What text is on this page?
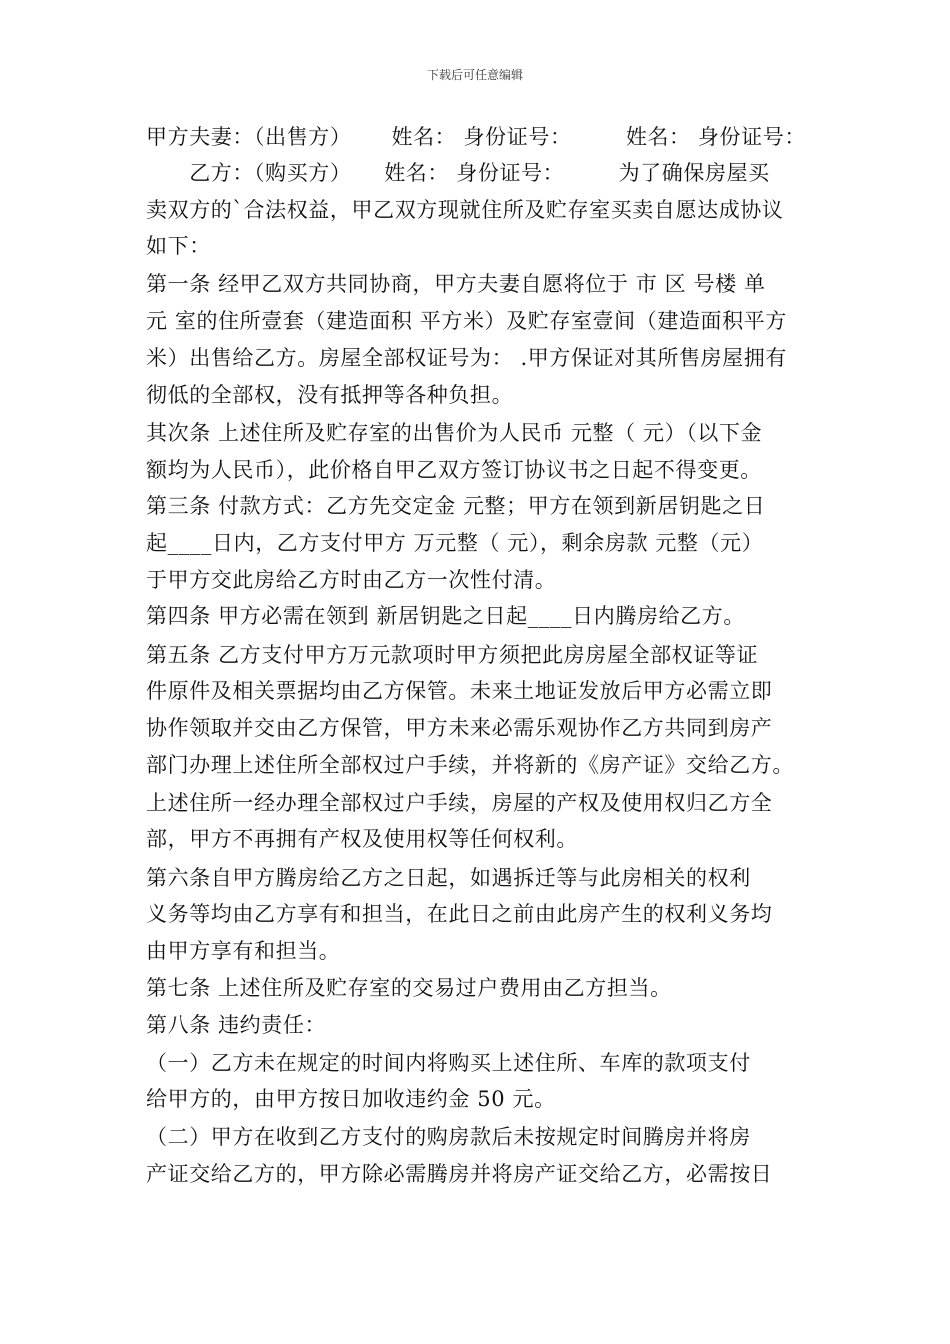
下载后可任意编辑
甲方夫妻：（出售方）　　 姓名： 身份证号：　　　姓名： 身份证号：
　　乙方：（购买方）　　姓名： 身份证号：　　　为了确保房屋买
卖双方的`合法权益，甲乙双方现就住所及贮存室买卖自愿达成协议
如下：
第一条 经甲乙双方共同协商，甲方夫妻自愿将位于 市 区 号楼 单
元 室的住所壹套（建造面积 平方米）及贮存室壹间（建造面积平方
米）出售给乙方。房屋全部权证号为： .甲方保证对其所售房屋拥有
彻低的全部权，没有抵押等各种负担。
其次条 上述住所及贮存室的出售价为人民币 元整（ 元）（以下金
额均为人民币），此价格自甲乙双方签订协议书之日起不得变更。
第三条 付款方式：乙方先交定金 元整；甲方在领到新居钥匙之日
起____日内，乙方支付甲方 万元整（ 元），剩余房款 元整（元）
于甲方交此房给乙方时由乙方一次性付清。
第四条 甲方必需在领到 新居钥匙之日起____日内腾房给乙方。
第五条 乙方支付甲方万元款项时甲方须把此房房屋全部权证等证
件原件及相关票据均由乙方保管。未来土地证发放后甲方必需立即
协作领取并交由乙方保管，甲方未来必需乐观协作乙方共同到房产
部门办理上述住所全部权过户手续，并将新的《房产证》交给乙方。
上述住所一经办理全部权过户手续，房屋的产权及使用权归乙方全
部，甲方不再拥有产权及使用权等任何权利。
第六条自甲方腾房给乙方之日起，如遇拆迁等与此房相关的权利
义务等均由乙方享有和担当，在此日之前由此房产生的权利义务均
由甲方享有和担当。
第七条 上述住所及贮存室的交易过户费用由乙方担当。
第八条 违约责任：
（一）乙方未在规定的时间内将购买上述住所、车库的款项支付
给甲方的，由甲方按日加收违约金 50 元。
（二）甲方在收到乙方支付的购房款后未按规定时间腾房并将房
产证交给乙方的，甲方除必需腾房并将房产证交给乙方，必需按日
